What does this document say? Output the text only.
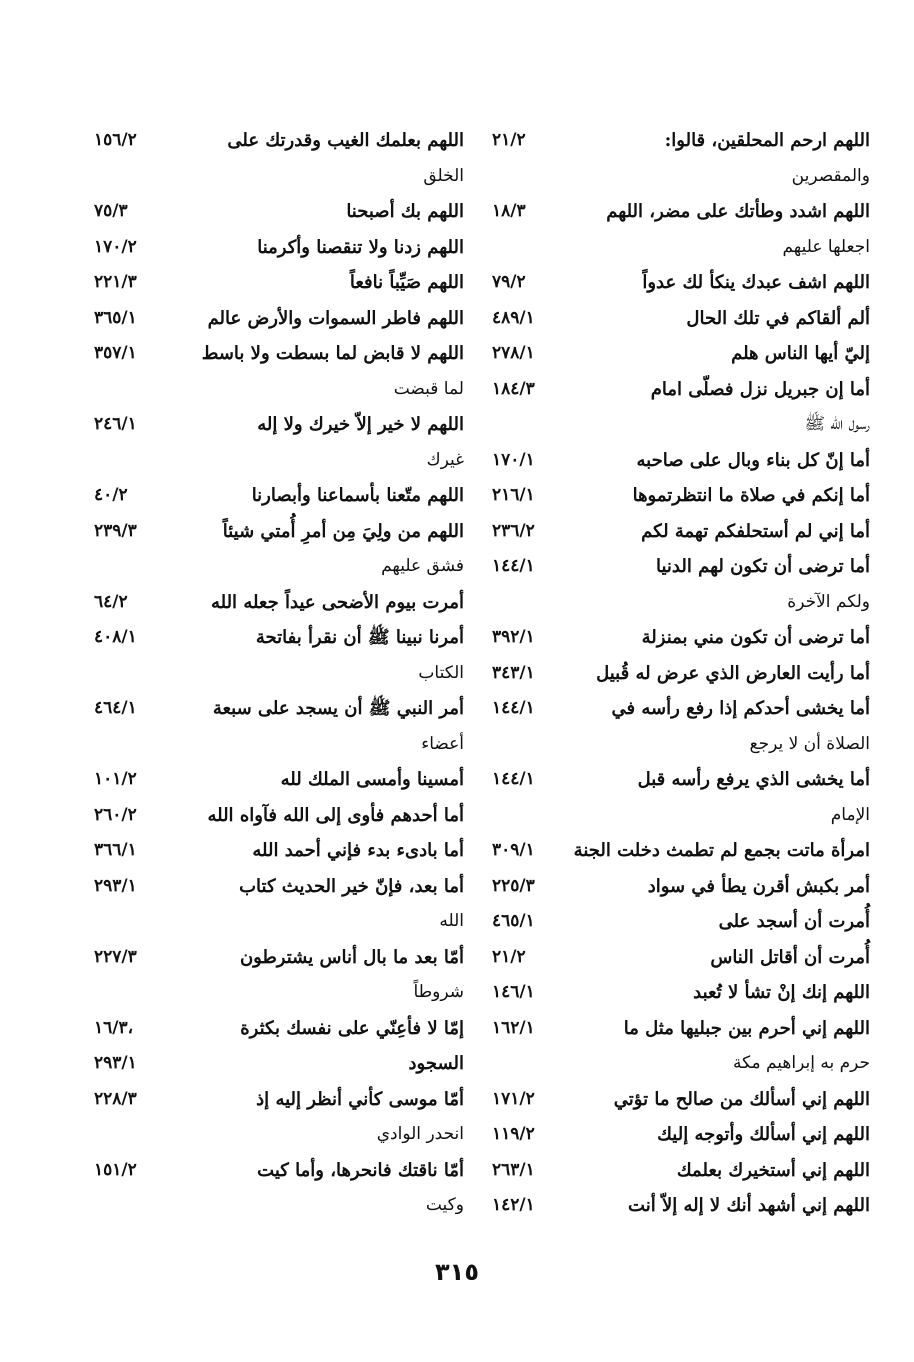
اللهم ارحم المحلقين، قالوا:
٢١/٢
والمقصرين
اللهم اشدد وطأتك على مضر، اللهم
١٨/٣
اجعلها عليهم
اللهم اشف عبدك ينكأ لك عدواً
٧٩/٢
ألم ألقاكم في تلك الحال
٤٨٩/١
إليّ أيها الناس هلم
٢٧٨/١
أما إن جبريل نزل فصلّى امام
١٨٤/٣
رسول الله ﷺ
أما إنّ كل بناء وبال على صاحبه
١٧٠/١
أما إنكم في صلاة ما انتظرتموها
٢١٦/١
أما إني لم أستحلفكم تهمة لكم
٢٣٦/٢
أما ترضى أن تكون لهم الدنيا
١٤٤/١
ولكم الآخرة
أما ترضى أن تكون مني بمنزلة
٣٩٢/١
أما رأيت العارض الذي عرض له قُبيل
٣٤٣/١
أما يخشى أحدكم إذا رفع رأسه في
١٤٤/١
الصلاة أن لا يرجع
أما يخشى الذي يرفع رأسه قبل
١٤٤/١
الإمام
امرأة ماتت بجمع لم تطمث دخلت الجنة
٣٠٩/١
أمر بكبش أقرن يطأ في سواد
٢٢٥/٣
أُمرت أن أسجد على
٤٦٥/١
أُمرت أن أقاتل الناس
٢١/٢
اللهم إنك إنْ تشأ لا تُعبد
١٤٦/١
اللهم إني أحرم بين جبليها مثل ما
١٦٢/١
حرم به إبراهيم مكة
اللهم إني أسألك من صالح ما تؤتي
١٧١/٢
اللهم إني أسألك وأتوجه إليك
١١٩/٢
اللهم إني أستخيرك بعلمك
٢٦٣/١
اللهم إني أشهد أنك لا إله إلاّ أنت
١٤٢/١
اللهم بعلمك الغيب وقدرتك على
١٥٦/٢
الخلق
اللهم بك أصبحنا
٧٥/٣
اللهم زدنا ولا تنقصنا وأكرمنا
١٧٠/٢
اللهم صَيِّباً نافعاً
٢٢١/٣
اللهم فاطر السموات والأرض عالم
٣٦٥/١
اللهم لا قابض لما بسطت ولا باسط
٣٥٧/١
لما قبضت
اللهم لا خير إلاّ خيرك ولا إله
٢٤٦/١
غيرك
اللهم متّعنا بأسماعنا وأبصارنا
٤٠/٢
اللهم من ولِيَ مِن أمرِ أُمتي شيئاً
٢٣٩/٣
فشق عليهم
أمرت بيوم الأضحى عيداً جعله الله
٦٤/٢
أمرنا نبينا ﷺ أن نقرأ بفاتحة
٤٠٨/١
الكتاب
أمر النبي ﷺ أن يسجد على سبعة
٤٦٤/١
أعضاء
أمسينا وأمسى الملك لله
١٠١/٢
أما أحدهم فأوى إلى الله فآواه الله
٢٦٠/٢
أما بادىء بدء فإني أحمد الله
٣٦٦/١
أما بعد، فإنّ خير الحديث كتاب
٢٩٣/١
الله
أمّا بعد ما بال أناس يشترطون
٢٢٧/٣
شروطاً
إمّا لا فأعِنّي على نفسك بكثرة
١٦/٣،
السجود
٢٩٣/١
أمّا موسى كأني أنظر إليه إذ
٢٢٨/٣
انحدر الوادي
أمّا ناقتك فانحرها، وأما كيت
١٥١/٢
وكيت
٣١٥
